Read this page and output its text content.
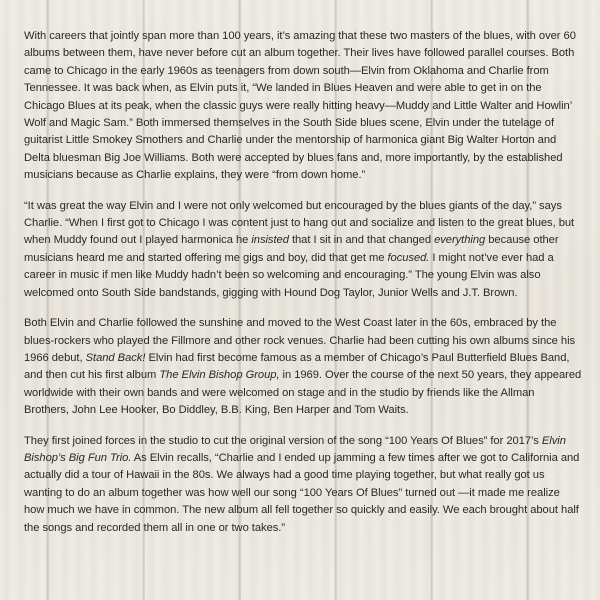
With careers that jointly span more than 100 years, it’s amazing that these two masters of the blues, with over 60 albums between them, have never before cut an album together. Their lives have followed parallel courses. Both came to Chicago in the early 1960s as teenagers from down south—Elvin from Oklahoma and Charlie from Tennessee. It was back when, as Elvin puts it, “We landed in Blues Heaven and were able to get in on the Chicago Blues at its peak, when the classic guys were really hitting heavy—Muddy and Little Walter and Howlin’ Wolf and Magic Sam.” Both immersed themselves in the South Side blues scene, Elvin under the tutelage of guitarist Little Smokey Smothers and Charlie under the mentorship of harmonica giant Big Walter Horton and Delta bluesman Big Joe Williams. Both were accepted by blues fans and, more importantly, by the established musicians because as Charlie explains, they were “from down home.”

“It was great the way Elvin and I were not only welcomed but encouraged by the blues giants of the day,” says Charlie. “When I first got to Chicago I was content just to hang out and socialize and listen to the great blues, but when Muddy found out I played harmonica he insisted that I sit in and that changed everything because other musicians heard me and started offering me gigs and boy, did that get me focused. I might not’ve ever had a career in music if men like Muddy hadn’t been so welcoming and encouraging.” The young Elvin was also welcomed onto South Side bandstands, gigging with Hound Dog Taylor, Junior Wells and J.T. Brown.

Both Elvin and Charlie followed the sunshine and moved to the West Coast later in the 60s, embraced by the blues-rockers who played the Fillmore and other rock venues. Charlie had been cutting his own albums since his 1966 debut, Stand Back! Elvin had first become famous as a member of Chicago’s Paul Butterfield Blues Band, and then cut his first album The Elvin Bishop Group, in 1969. Over the course of the next 50 years, they appeared worldwide with their own bands and were welcomed on stage and in the studio by friends like the Allman Brothers, John Lee Hooker, Bo Diddley, B.B. King, Ben Harper and Tom Waits.

They first joined forces in the studio to cut the original version of the song “100 Years Of Blues” for 2017’s Elvin Bishop’s Big Fun Trio. As Elvin recalls, “Charlie and I ended up jamming a few times after we got to California and actually did a tour of Hawaii in the 80s. We always had a good time playing together, but what really got us wanting to do an album together was how well our song “100 Years Of Blues” turned out —it made me realize how much we have in common. The new album all fell together so quickly and easily. We each brought about half the songs and recorded them all in one or two takes.”
